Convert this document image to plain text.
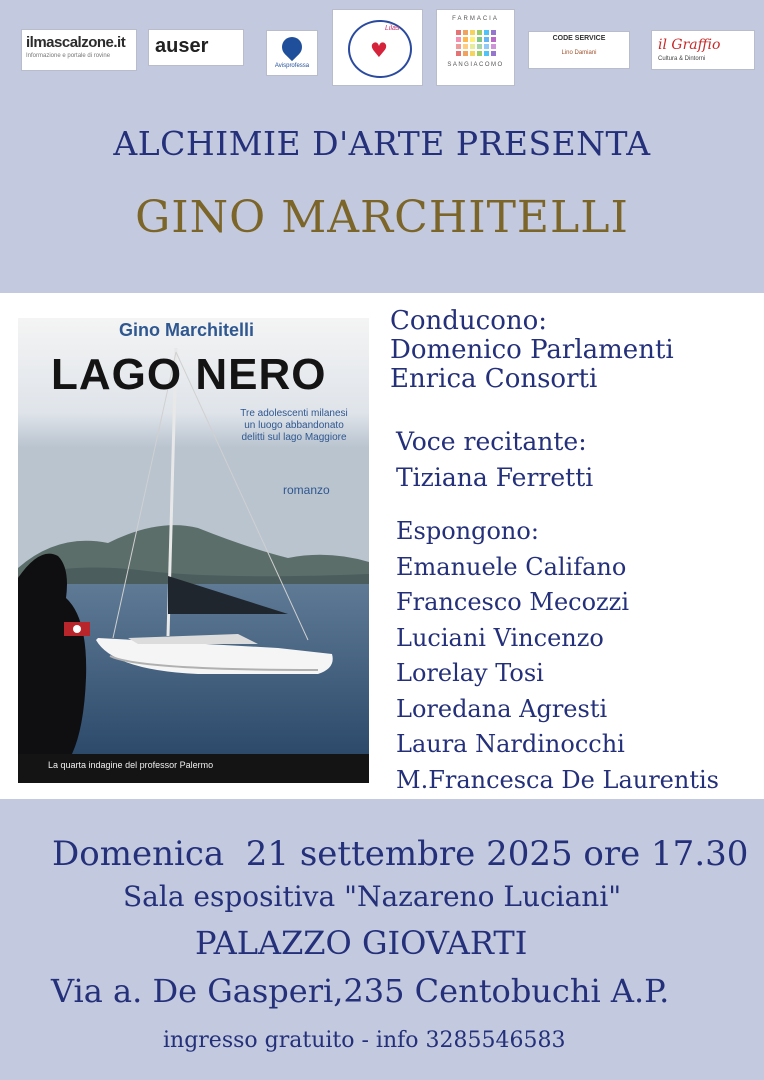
ilmascalzone.it
Informazione e portale di rovine	auser
Avisprofessa
♥
Lilas
FARMACIA
SANGIACOMO
CODE SERVICE
Lino Damiani	il Graffio
Cultura & Dintorni
ALCHIMIE D'ARTE PRESENTA
GINO MARCHITELLI
Gino Marchitelli
LAGO NERO
Tre adolescenti milanesi
un luogo abbandonato
delitti sul lago Maggiore
romanzo
La quarta indagine del professor Palermo
Conducono:
Domenico Parlamenti
Enrica Consorti
Voce recitante:
Tiziana Ferretti
Espongono:
Emanuele Califano
Francesco Mecozzi
Luciani Vincenzo
Lorelay Tosi
Loredana Agresti
Laura Nardinocchi
M.Francesca De Laurentis
Domenica  21 settembre 2025 ore 17.30
Sala espositiva "Nazareno Luciani"
PALAZZO GIOVARTI
Via a. De Gasperi,235 Centobuchi A.P.
ingresso gratuito - info 3285546583
